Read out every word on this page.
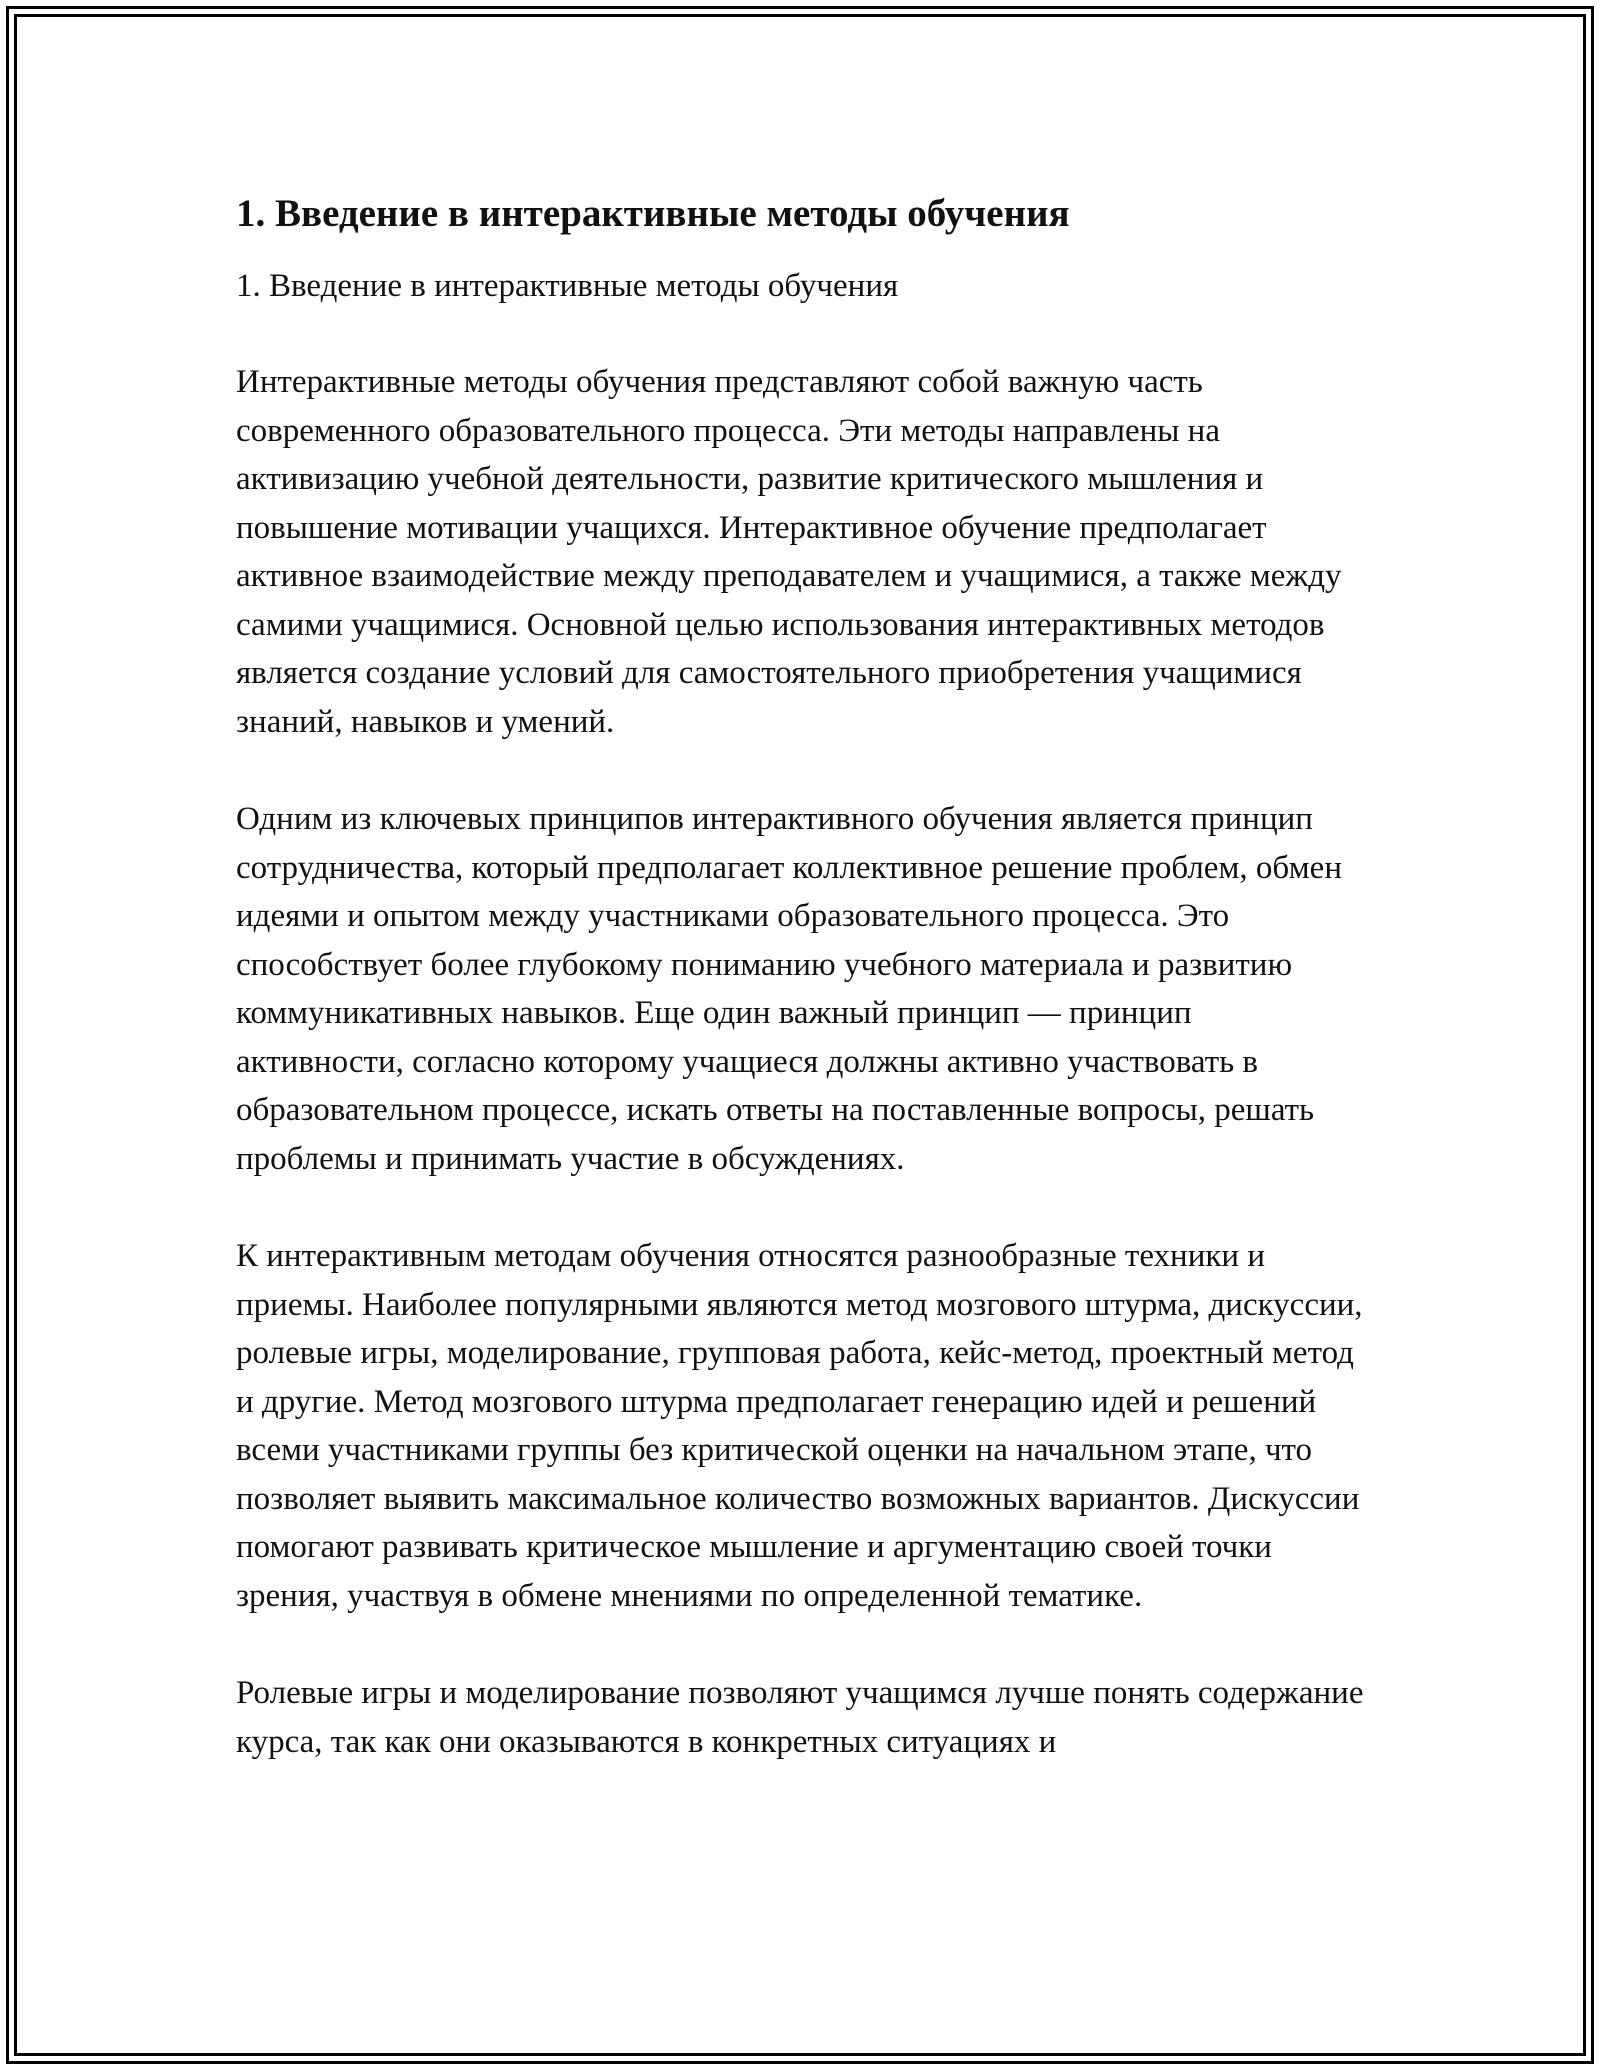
1. Введение в интерактивные методы обучения
1. Введение в интерактивные методы обучения

Интерактивные методы обучения представляют собой важную часть современного образовательного процесса. Эти методы направлены на активизацию учебной деятельности, развитие критического мышления и повышение мотивации учащихся. Интерактивное обучение предполагает активное взаимодействие между преподавателем и учащимися, а также между самими учащимися. Основной целью использования интерактивных методов является создание условий для самостоятельного приобретения учащимися знаний, навыков и умений.

Одним из ключевых принципов интерактивного обучения является принцип сотрудничества, который предполагает коллективное решение проблем, обмен идеями и опытом между участниками образовательного процесса. Это способствует более глубокому пониманию учебного материала и развитию коммуникативных навыков. Еще один важный принцип — принцип активности, согласно которому учащиеся должны активно участвовать в образовательном процессе, искать ответы на поставленные вопросы, решать проблемы и принимать участие в обсуждениях.

К интерактивным методам обучения относятся разнообразные техники и приемы. Наиболее популярными являются метод мозгового штурма, дискуссии, ролевые игры, моделирование, групповая работа, кейс-метод, проектный метод и другие. Метод мозгового штурма предполагает генерацию идей и решений всеми участниками группы без критической оценки на начальном этапе, что позволяет выявить максимальное количество возможных вариантов. Дискуссии помогают развивать критическое мышление и аргументацию своей точки зрения, участвуя в обмене мнениями по определенной тематике.

Ролевые игры и моделирование позволяют учащимся лучше понять содержание курса, так как они оказываются в конкретных ситуациях и
